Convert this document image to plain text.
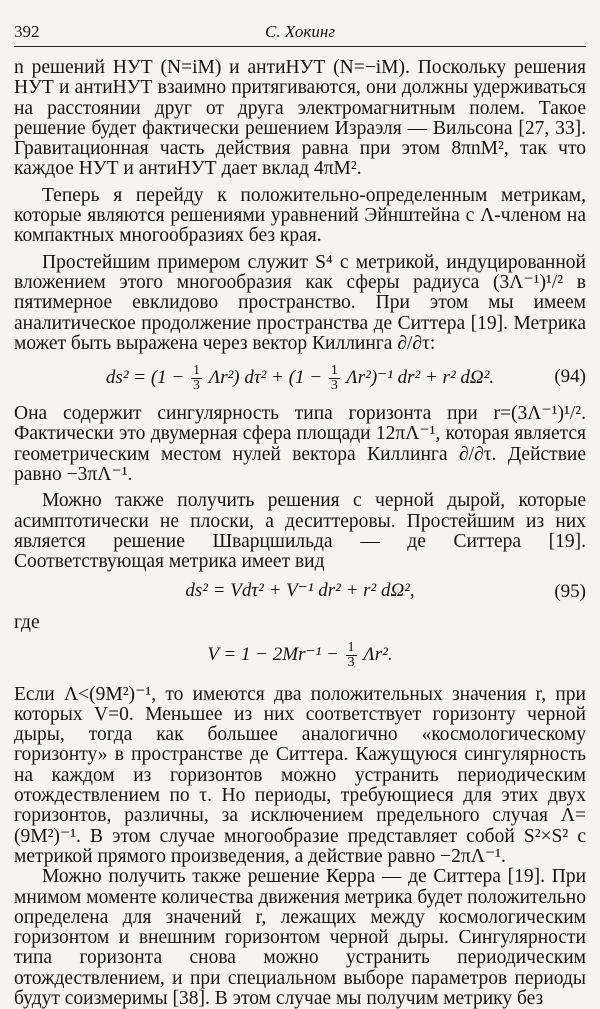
392	С. Хокинг

n решений НУТ (N=iM) и антиНУТ (N=−iM). Поскольку решения НУТ и антиНУТ взаимно притягиваются, они должны удерживаться на расстоянии друг от друга электромагнитным полем. Такое решение будет фактически решением Израэля — Вильсона [27, 33]. Гравитационная часть действия равна при этом 8πnM², так что каждое НУТ и антиНУТ дает вклад 4πM².

Теперь я перейду к положительно-определенным метрикам, которые являются решениями уравнений Эйнштейна с Λ-членом на компактных многообразиях без края.

Простейшим примером служит S⁴ с метрикой, индуцированной вложением этого многообразия как сферы радиуса (3Λ⁻¹)¹/² в пятимерное евклидово пространство. При этом мы имеем аналитическое продолжение пространства де Ситтера [19]. Метрика может быть выражена через вектор Киллинга ∂/∂τ:

$ds^2 = (1 - \frac{1}{3} \Lambda r^2)$ $d\tau^2 + (1 - \frac{1}{3} \Lambda r^2)^{-1}$ dr² + r² dΩ².	(94)

Она содержит сингулярность типа горизонта при r=(3Λ⁻¹)¹/². Фактически это двумерная сфера площади 12πΛ⁻¹, которая является геометрическим местом нулей вектора Киллинга ∂/∂τ. Действие равно −3πΛ⁻¹.

Можно также получить решения с черной дырой, которые асимптотически не плоски, а деситтеровы. Простейшим из них является решение Шварцшильда — де Ситтера [19]. Соответствующая метрика имеет вид

ds² = Vdτ² + V⁻¹ dr² + r² dΩ²,	(95)
где
$V = 1 - 2Mr^{-1} - \frac{1}{3} \Lambda r^2$.

Если Λ<(9M²)⁻¹, то имеются два положительных значения r, при которых V=0. Меньшее из них соответствует горизонту черной дыры, тогда как большее аналогично «космологическому горизонту» в пространстве де Ситтера. Кажущуюся сингулярность на каждом из горизонтов можно устранить периодическим отождествлением по τ. Но периоды, требующиеся для этих двух горизонтов, различны, за исключением предельного случая Λ=(9M²)⁻¹. В этом случае многообразие представляет собой S²×S² с метрикой прямого произведения, а действие равно −2πΛ⁻¹.

Можно получить также решение Керра — де Ситтера [19]. При мнимом моменте количества движения метрика будет положительно определена для значений r, лежащих между космологическим горизонтом и внешним горизонтом черной дыры. Сингулярности типа горизонта снова можно устранить периодическим отождествлением, и при специальном выборе параметров периоды будут соизмеримы [38]. В этом случае мы получим метрику без
